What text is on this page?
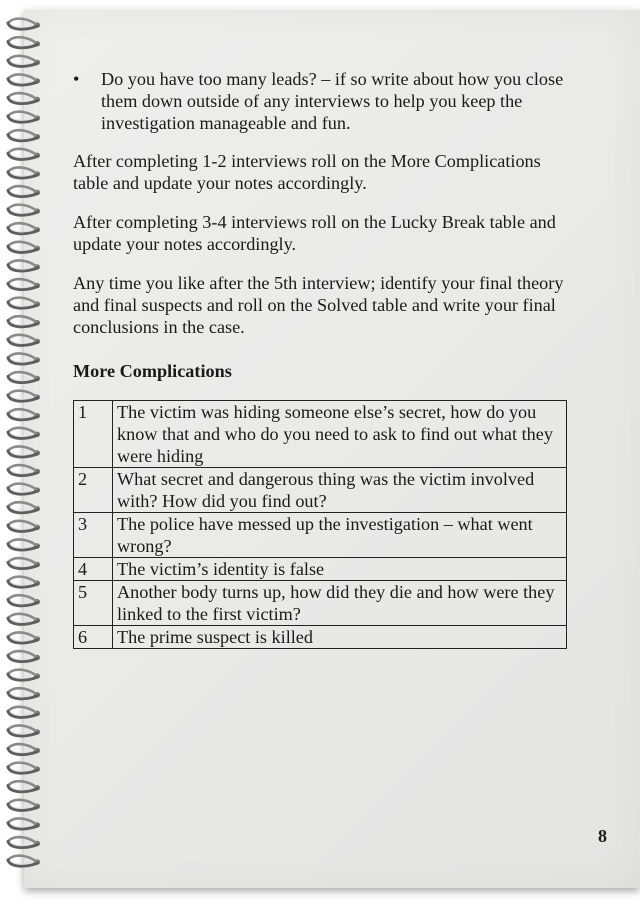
•	Do you have too many leads? – if so write about how you close them down outside of any interviews to help you keep the investigation manageable and fun.

After completing 1-2 interviews roll on the More Complications table and update your notes accordingly.

After completing 3-4 interviews roll on the Lucky Break table and update your notes accordingly.

Any time you like after the 5th interview; identify your final theory and final suspects and roll on the Solved table and write your final conclusions in the case.

More Complications
1	The victim was hiding someone else’s secret, how do you know that and who do you need to ask to find out what they were hiding
2	What secret and dangerous thing was the victim involved with? How did you find out?
3	The police have messed up the investigation – what went wrong?
4	The victim’s identity is false
5	Another body turns up, how did they die and how were they linked to the first victim?
6	The prime suspect is killed
8
